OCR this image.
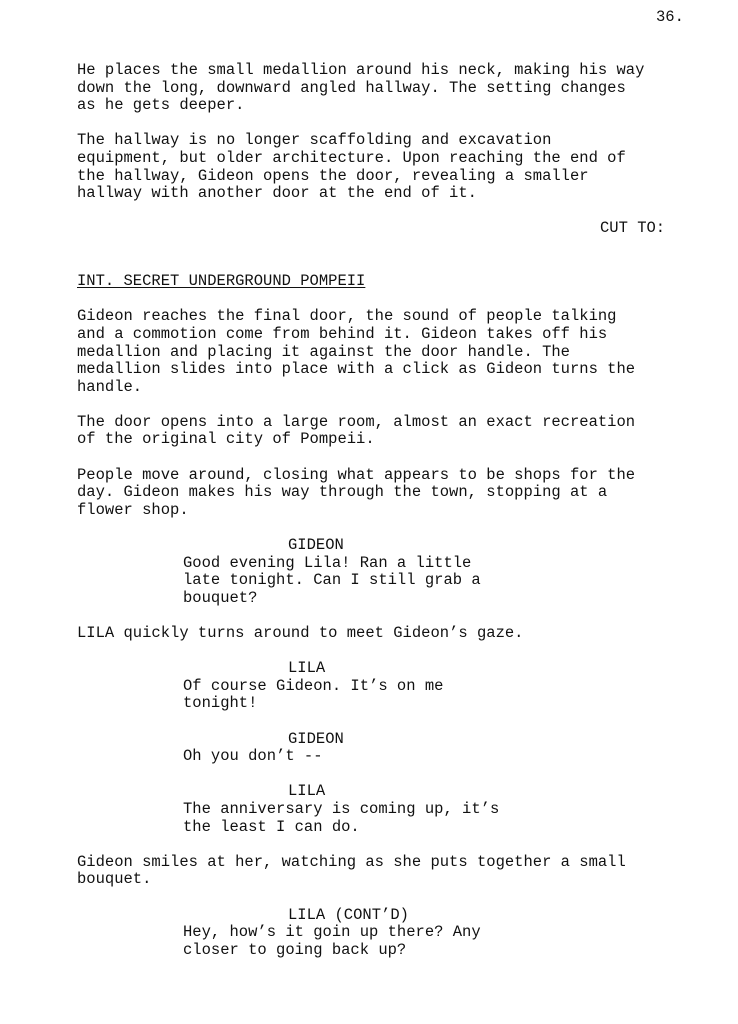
36.

He places the small medallion around his neck, making his way
down the long, downward angled hallway. The setting changes
as he gets deeper.

The hallway is no longer scaffolding and excavation
equipment, but older architecture. Upon reaching the end of
the hallway, Gideon opens the door, revealing a smaller
hallway with another door at the end of it.

CUT TO:

INT. SECRET UNDERGROUND POMPEII

Gideon reaches the final door, the sound of people talking
and a commotion come from behind it. Gideon takes off his
medallion and placing it against the door handle. The
medallion slides into place with a click as Gideon turns the
handle.

The door opens into a large room, almost an exact recreation
of the original city of Pompeii.

People move around, closing what appears to be shops for the
day. Gideon makes his way through the town, stopping at a
flower shop.

GIDEON

Good evening Lila! Ran a little
late tonight. Can I still grab a
bouquet?

LILA quickly turns around to meet Gideon’s gaze.

LILA

Of course Gideon. It’s on me
tonight!

GIDEON

Oh you don’t --

LILA

The anniversary is coming up, it’s
the least I can do.

Gideon smiles at her, watching as she puts together a small
bouquet.

LILA (CONT’D)

Hey, how’s it goin up there? Any
closer to going back up?
